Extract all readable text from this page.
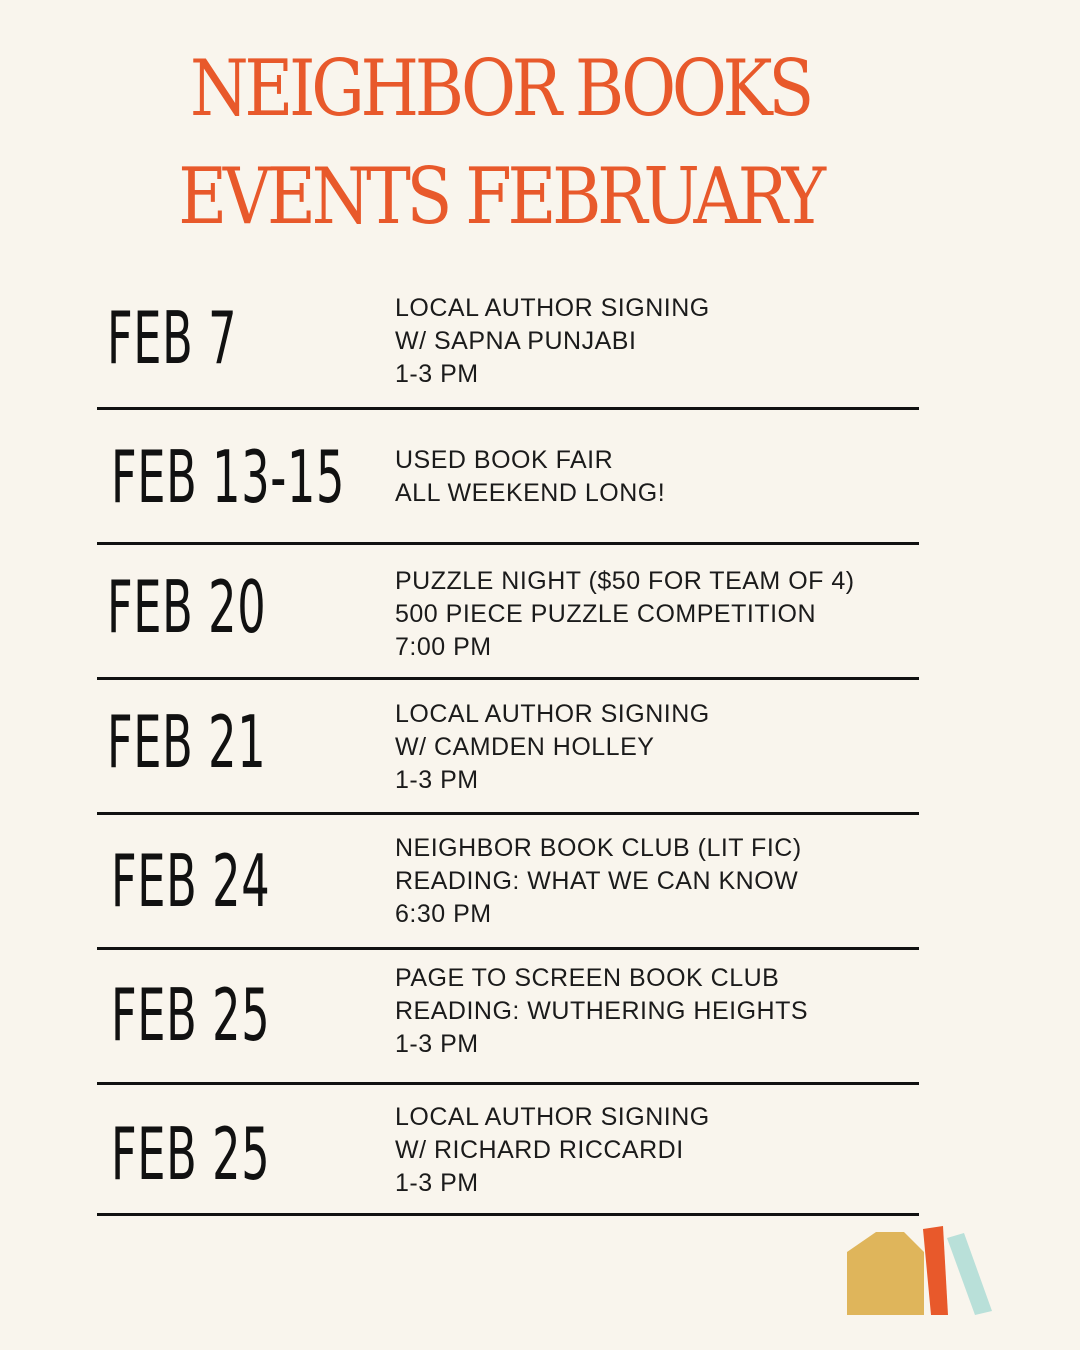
NEIGHBOR BOOKS
EVENTS FEBRUARY
FEB 7	LOCAL AUTHOR SIGNING
W/ SAPNA PUNJABI
1-3 PM
FEB 13-15 USED BOOK FAIR
ALL WEEKEND LONG!
FEB 20	PUZZLE NIGHT ($50 FOR TEAM OF 4)
500 PIECE PUZZLE COMPETITION
7:00 PM
FEB 21	LOCAL AUTHOR SIGNING
W/ CAMDEN HOLLEY
1-3 PM
FEB 24	NEIGHBOR BOOK CLUB (LIT FIC)
READING: WHAT WE CAN KNOW
6:30 PM
FEB 25	PAGE TO SCREEN BOOK CLUB
READING: WUTHERING HEIGHTS
1-3 PM
FEB 25	LOCAL AUTHOR SIGNING
W/ RICHARD RICCARDI
1-3 PM
